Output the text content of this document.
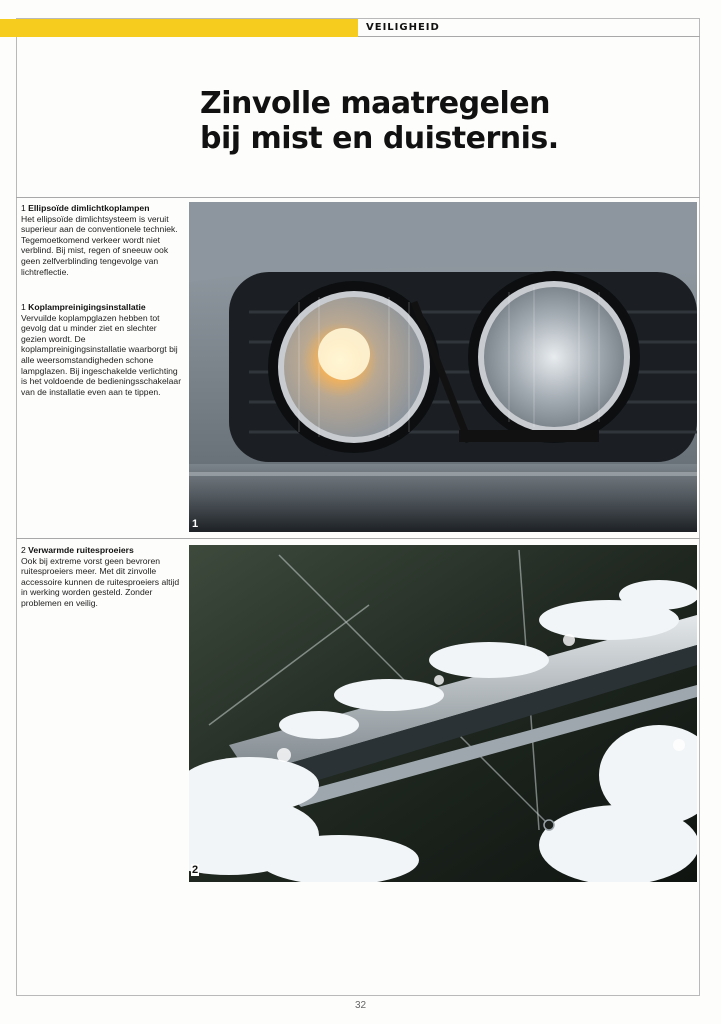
VEILIGHEID
Zinvolle maatregelen
bij mist en duisternis.
1 Ellipsoïde dimlichtkoplampen

Het ellipsoïde dimlichtsysteem is veruit superieur aan de conventionele techniek. Tegemoetkomend verkeer wordt niet verblind. Bij mist, regen of sneeuw ook geen zelfverblinding tengevolge van lichtreflectie.

1 Koplampreinigingsinstallatie

Vervuilde koplampglazen hebben tot gevolg dat u minder ziet en slechter gezien wordt. De koplampreinigingsinstallatie waarborgt bij alle weersomstandigheden schone lampglazen. Bij ingeschakelde verlichting is het voldoende de bedieningsschakelaar van de installatie even aan te tippen.

2 Verwarmde ruitesproeiers

Ook bij extreme vorst geen bevroren ruitesproeiers meer. Met dit zinvolle accessoire kunnen de ruitesproeiers altijd in werking worden gesteld. Zonder problemen en veilig.

1
2
32
